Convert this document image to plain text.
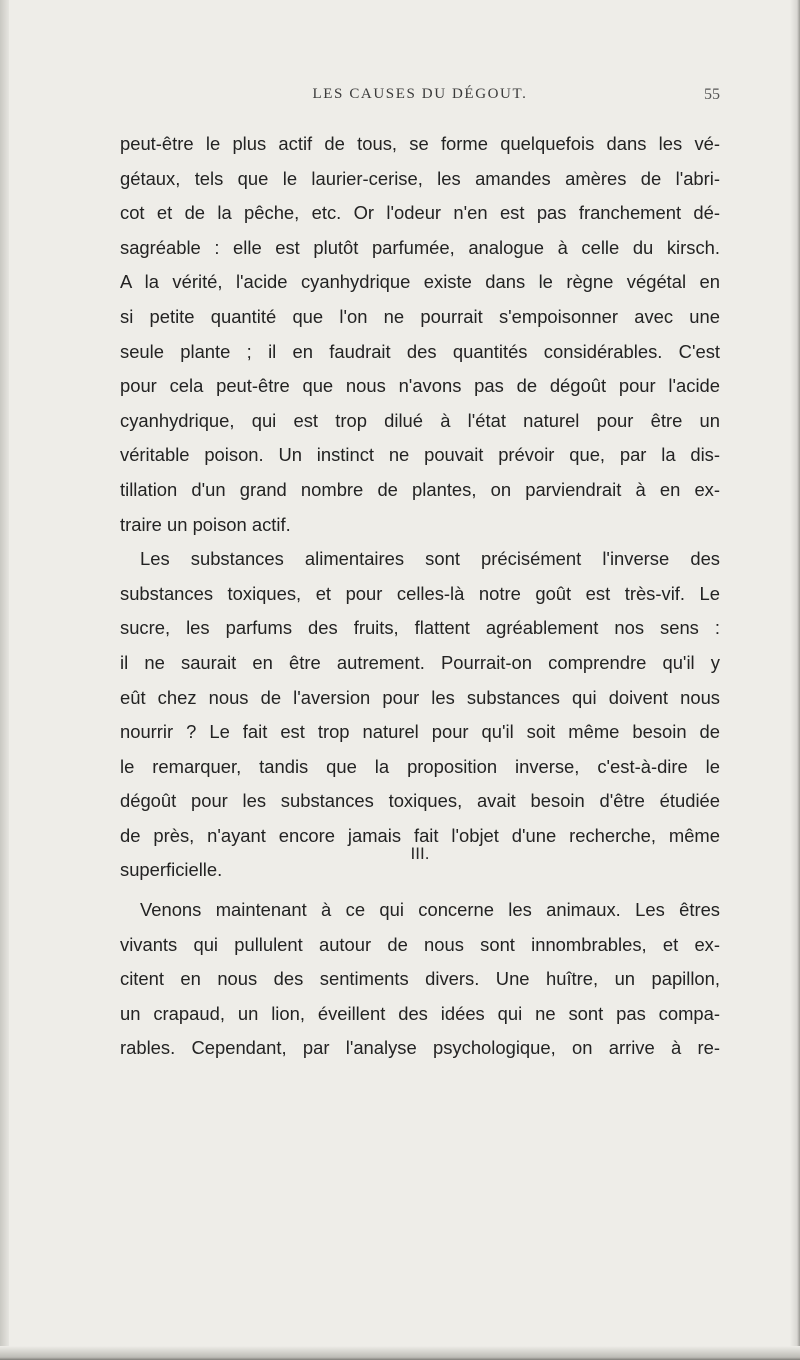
LES CAUSES DU DÉGOUT.	55
peut-être le plus actif de tous, se forme quelquefois dans les vé-
gétaux, tels que le laurier-cerise, les amandes amères de l'abri-
cot et de la pêche, etc. Or l'odeur n'en est pas franchement dé-
sagréable : elle est plutôt parfumée, analogue à celle du kirsch.
A la vérité, l'acide cyanhydrique existe dans le règne végétal en
si petite quantité que l'on ne pourrait s'empoisonner avec une
seule plante ; il en faudrait des quantités considérables. C'est
pour cela peut-être que nous n'avons pas de dégoût pour l'acide
cyanhydrique, qui est trop dilué à l'état naturel pour être un
véritable poison. Un instinct ne pouvait prévoir que, par la dis-
tillation d'un grand nombre de plantes, on parviendrait à en ex-
traire un poison actif.
Les substances alimentaires sont précisément l'inverse des
substances toxiques, et pour celles-là notre goût est très-vif. Le
sucre, les parfums des fruits, flattent agréablement nos sens :
il ne saurait en être autrement. Pourrait-on comprendre qu'il y
eût chez nous de l'aversion pour les substances qui doivent nous
nourrir ? Le fait est trop naturel pour qu'il soit même besoin de
le remarquer, tandis que la proposition inverse, c'est-à-dire le
dégoût pour les substances toxiques, avait besoin d'être étudiée
de près, n'ayant encore jamais fait l'objet d'une recherche, même
superficielle.
III.
Venons maintenant à ce qui concerne les animaux. Les êtres
vivants qui pullulent autour de nous sont innombrables, et ex-
citent en nous des sentiments divers. Une huître, un papillon,
un crapaud, un lion, éveillent des idées qui ne sont pas compa-
rables. Cependant, par l'analyse psychologique, on arrive à re-
